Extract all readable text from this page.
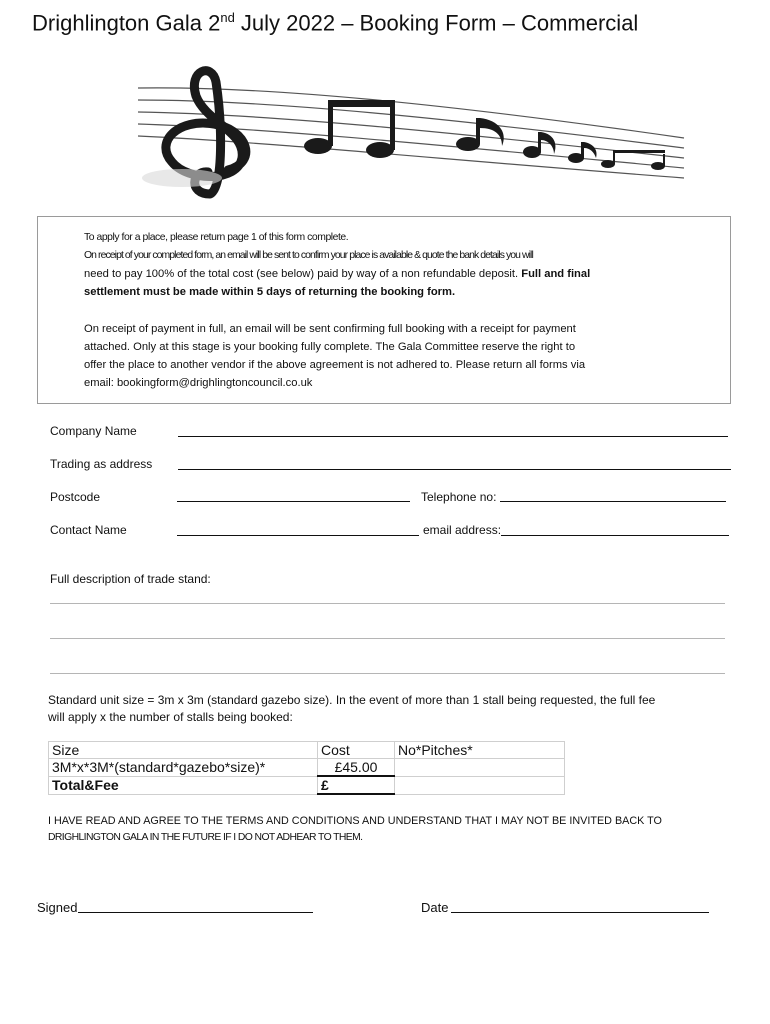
Drighlington Gala 2nd July 2022 – Booking Form – Commercial
To apply for a place, please return page 1 of this form complete.
On receipt of your completed form, an email will be sent to confirm your place is available & quote the bank details you will
need to pay 100% of the total cost (see below) paid by way of a non refundable deposit. Full and final
settlement must be made within 5 days of returning the booking form.
On receipt of payment in full, an email will be sent confirming full booking with a receipt for payment
attached. Only at this stage is your booking fully complete. The Gala Committee reserve the right to
offer the place to another vendor if the above agreement is not adhered to. Please return all forms via
email: bookingform@drighlingtoncouncil.co.uk
Company Name
Trading as address
Postcode	Telephone no:
Contact Name	email address:
Full description of trade stand:
Standard unit size = 3m x 3m (standard gazebo size). In the event of more than 1 stall being requested, the full fee
will apply x the number of stalls being booked:
Size	Cost	No*Pitches*
3M*x*3M*(standard*gazebo*size)*	£45.00	
Total&Fee	£	
I HAVE READ AND AGREE TO THE TERMS AND CONDITIONS AND UNDERSTAND THAT I MAY NOT BE INVITED BACK TO
DRIGHLINGTON GALA IN THE FUTURE IF I DO NOT ADHEAR TO THEM.
Signed	Date
